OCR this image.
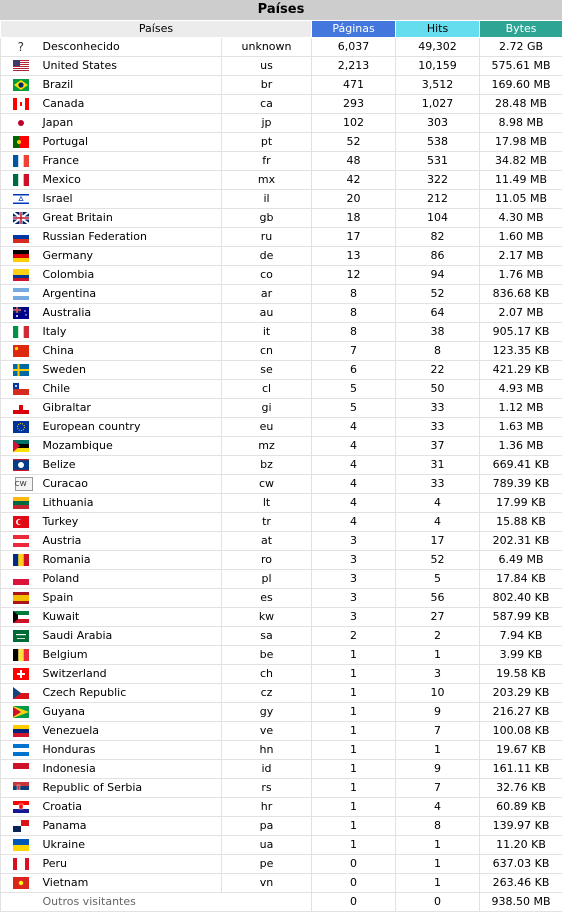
Países
Países			Páginas	Hits	Bytes
?	Desconhecido	unknown	6,037	49,302	2.72 GB
	United States	us	2,213	10,159	575.61 MB
	Brazil	br	471	3,512	169.60 MB
	Canada	ca	293	1,027	28.48 MB
	Japan	jp	102	303	8.98 MB
	Portugal	pt	52	538	17.98 MB
	France	fr	48	531	34.82 MB
	Mexico	mx	42	322	11.49 MB
	Israel	il	20	212	11.05 MB
	Great Britain	gb	18	104	4.30 MB
	Russian Federation	ru	17	82	1.60 MB
	Germany	de	13	86	2.17 MB
	Colombia	co	12	94	1.76 MB
	Argentina	ar	8	52	836.68 KB
	Australia	au	8	64	2.07 MB
	Italy	it	8	38	905.17 KB
	China	cn	7	8	123.35 KB
	Sweden	se	6	22	421.29 KB
	Chile	cl	5	50	4.93 MB
	Gibraltar	gi	5	33	1.12 MB
	European country	eu	4	33	1.63 MB
	Mozambique	mz	4	37	1.36 MB
	Belize	bz	4	31	669.41 KB
cw	Curacao	cw	4	33	789.39 KB
	Lithuania	lt	4	4	17.99 KB
	Turkey	tr	4	4	15.88 KB
	Austria	at	3	17	202.31 KB
	Romania	ro	3	52	6.49 MB
	Poland	pl	3	5	17.84 KB
	Spain	es	3	56	802.40 KB
	Kuwait	kw	3	27	587.99 KB
	Saudi Arabia	sa	2	2	7.94 KB
	Belgium	be	1	1	3.99 KB
	Switzerland	ch	1	3	19.58 KB
	Czech Republic	cz	1	10	203.29 KB
	Guyana	gy	1	9	216.27 KB
	Venezuela	ve	1	7	100.08 KB
	Honduras	hn	1	1	19.67 KB
	Indonesia	id	1	9	161.11 KB
	Republic of Serbia	rs	1	7	32.76 KB
	Croatia	hr	1	4	60.89 KB
	Panama	pa	1	8	139.97 KB
	Ukraine	ua	1	1	11.20 KB
	Peru	pe	0	1	637.03 KB
	Vietnam	vn	0	1	263.46 KB
	Outros visitantes		0	0	938.50 MB
